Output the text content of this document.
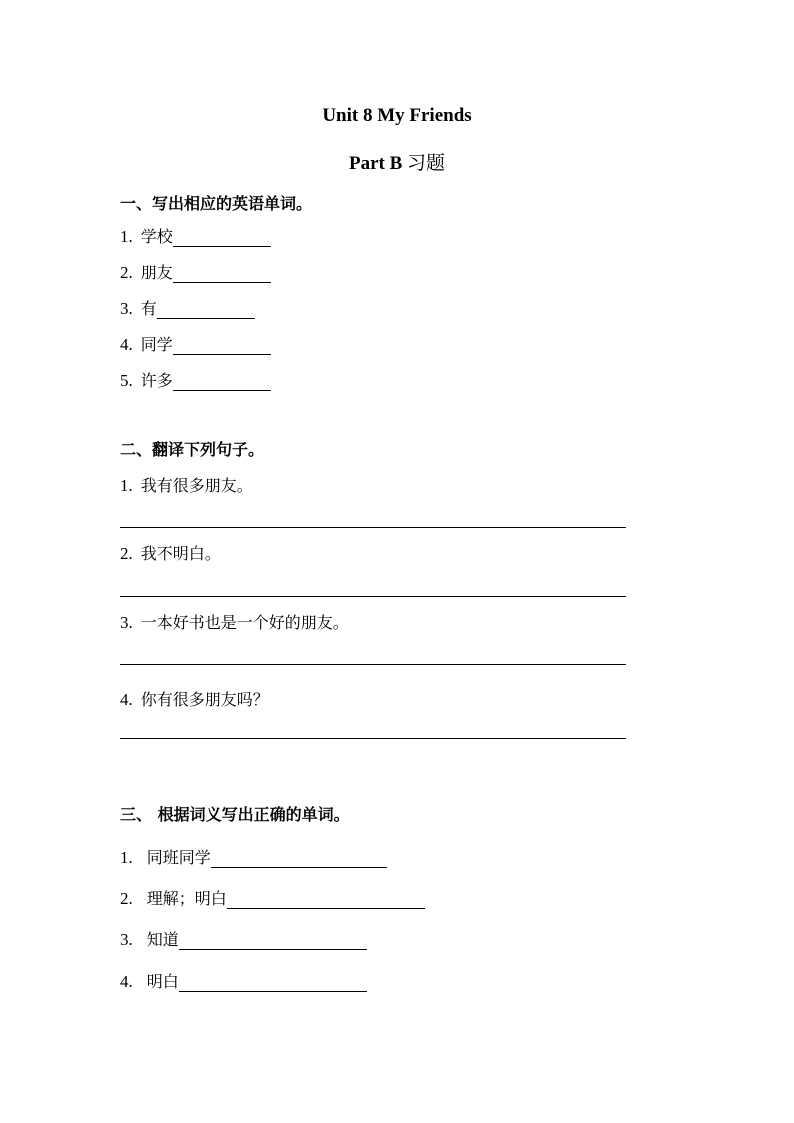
Unit 8 My Friends
Part B 习题
一、写出相应的英语单词。
1. 学校
2. 朋友
3. 有
4. 同学
5. 许多
二、翻译下列句子。
1. 我有很多朋友。
2. 我不明白。
3. 一本好书也是一个好的朋友。
4. 你有很多朋友吗？
三、 根据词义写出正确的单词。
1. 同班同学
2. 理解；明白
3. 知道
4. 明白
